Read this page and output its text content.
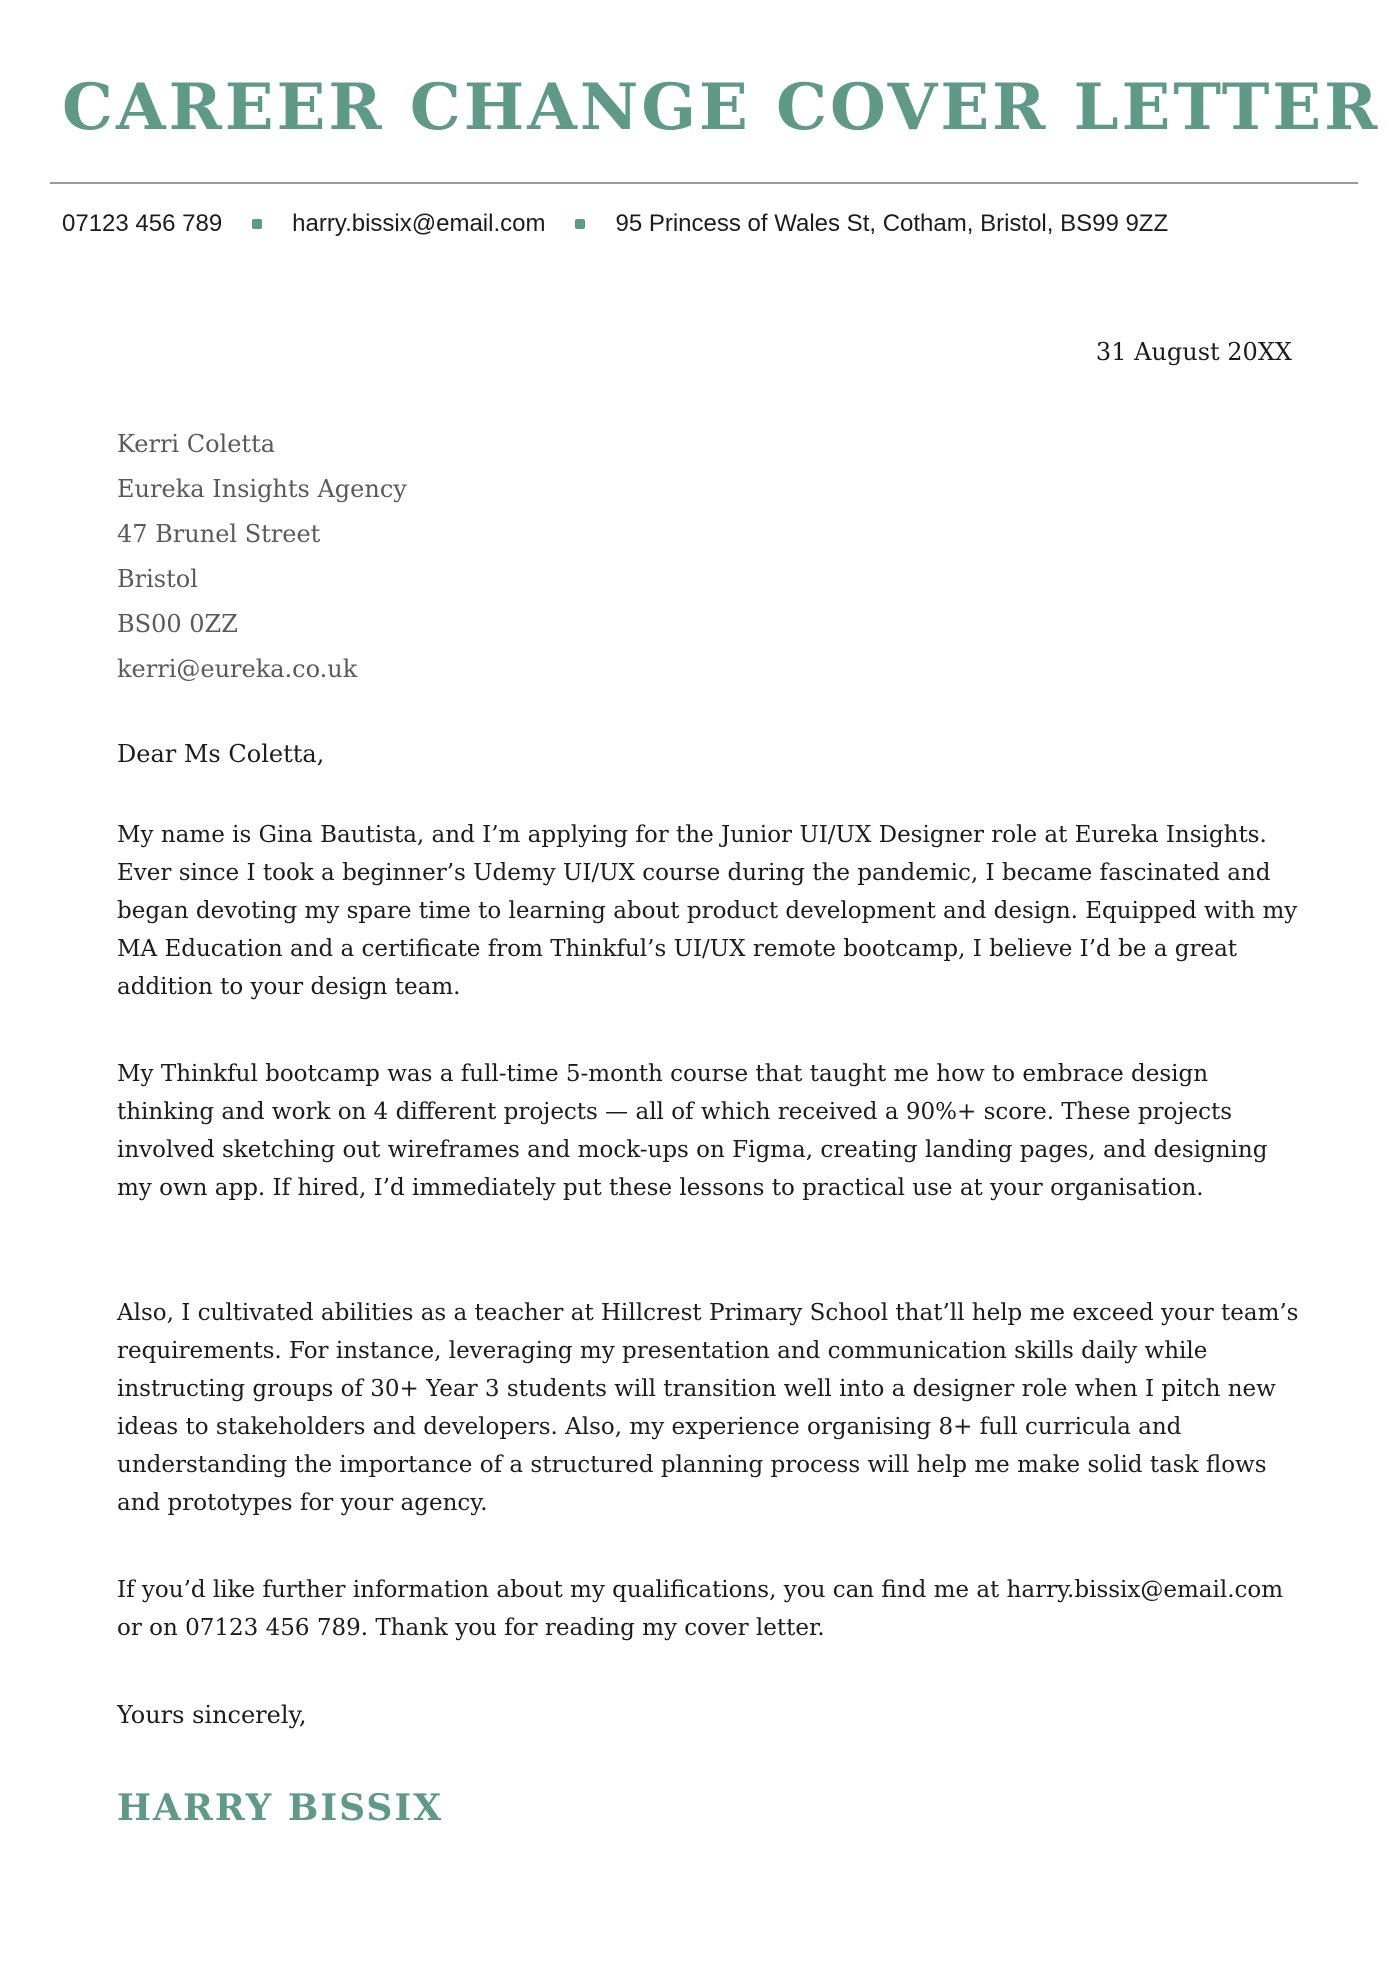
CAREER CHANGE COVER LETTER
07123 456 789	harry.bissix@email.com	95 Princess of Wales St, Cotham, Bristol, BS99 9ZZ
31 August 20XX
Kerri Coletta
Eureka Insights Agency
47 Brunel Street
Bristol
BS00 0ZZ
kerri@eureka.co.uk
Dear Ms Coletta,

My name is Gina Bautista, and I’m applying for the Junior UI/UX Designer role at Eureka Insights. Ever since I took a beginner’s Udemy UI/UX course during the pandemic, I became fascinated and began devoting my spare time to learning about product development and design. Equipped with my MA Education and a certificate from Thinkful’s UI/UX remote bootcamp, I believe I’d be a great addition to your design team.

My Thinkful bootcamp was a full-time 5-month course that taught me how to embrace design thinking and work on 4 different projects — all of which received a 90%+ score. These projects involved sketching out wireframes and mock-ups on Figma, creating landing pages, and designing my own app. If hired, I’d immediately put these lessons to practical use at your organisation.

Also, I cultivated abilities as a teacher at Hillcrest Primary School that’ll help me exceed your team’s requirements. For instance, leveraging my presentation and communication skills daily while instructing groups of 30+ Year 3 students will transition well into a designer role when I pitch new ideas to stakeholders and developers. Also, my experience organising 8+ full curricula and understanding the importance of a structured planning process will help me make solid task flows and prototypes for your agency.

If you’d like further information about my qualifications, you can find me at harry.bissix@email.com or on 07123 456 789. Thank you for reading my cover letter.

Yours sincerely,
HARRY BISSIX
